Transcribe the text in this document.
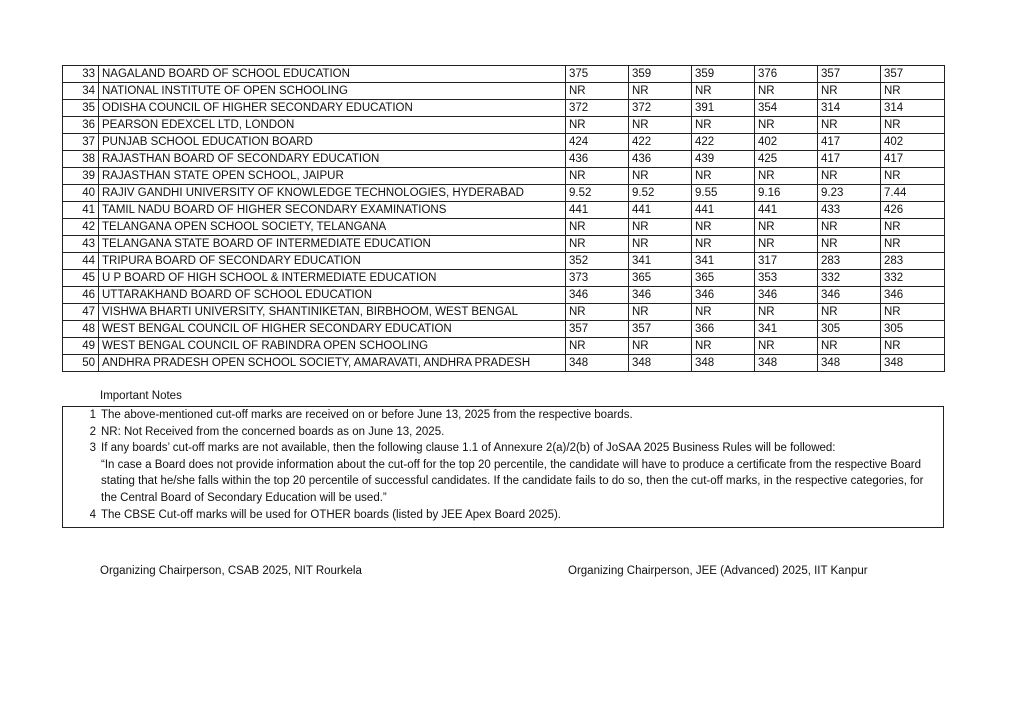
33	NAGALAND BOARD OF SCHOOL EDUCATION	375	359	359	376	357	357
34	NATIONAL INSTITUTE OF OPEN SCHOOLING	NR	NR	NR	NR	NR	NR
35	ODISHA COUNCIL OF HIGHER SECONDARY EDUCATION	372	372	391	354	314	314
36	PEARSON EDEXCEL LTD, LONDON	NR	NR	NR	NR	NR	NR
37	PUNJAB SCHOOL EDUCATION BOARD	424	422	422	402	417	402
38	RAJASTHAN BOARD OF SECONDARY EDUCATION	436	436	439	425	417	417
39	RAJASTHAN STATE OPEN SCHOOL, JAIPUR	NR	NR	NR	NR	NR	NR
40	RAJIV GANDHI UNIVERSITY OF KNOWLEDGE TECHNOLOGIES, HYDERABAD	9.52	9.52	9.55	9.16	9.23	7.44
41	TAMIL NADU BOARD OF HIGHER SECONDARY EXAMINATIONS	441	441	441	441	433	426
42	TELANGANA OPEN SCHOOL SOCIETY, TELANGANA	NR	NR	NR	NR	NR	NR
43	TELANGANA STATE BOARD OF INTERMEDIATE EDUCATION	NR	NR	NR	NR	NR	NR
44	TRIPURA BOARD OF SECONDARY EDUCATION	352	341	341	317	283	283
45	U P BOARD OF HIGH SCHOOL & INTERMEDIATE EDUCATION	373	365	365	353	332	332
46	UTTARAKHAND BOARD OF SCHOOL EDUCATION	346	346	346	346	346	346
47	VISHWA BHARTI UNIVERSITY, SHANTINIKETAN, BIRBHOOM, WEST BENGAL	NR	NR	NR	NR	NR	NR
48	WEST BENGAL COUNCIL OF HIGHER SECONDARY EDUCATION	357	357	366	341	305	305
49	WEST BENGAL COUNCIL OF RABINDRA OPEN SCHOOLING	NR	NR	NR	NR	NR	NR
50	ANDHRA PRADESH OPEN SCHOOL SOCIETY, AMARAVATI, ANDHRA PRADESH	348	348	348	348	348	348
Important Notes
1 The above-mentioned cut-off marks are received on or before June 13, 2025 from the respective boards.
2 NR: Not Received from the concerned boards as on June 13, 2025.
3 If any boards’ cut-off marks are not available, then the following clause 1.1 of Annexure 2(a)/2(b) of JoSAA 2025 Business Rules will be followed:
“In case a Board does not provide information about the cut-off for the top 20 percentile, the candidate will have to produce a certificate from the respective Board stating that he/she falls within the top 20 percentile of successful candidates. If the candidate fails to do so, then the cut-off marks, in the respective categories, for the Central Board of Secondary Education will be used.”
4 The CBSE Cut-off marks will be used for OTHER boards (listed by JEE Apex Board 2025).
Organizing Chairperson, CSAB 2025, NIT Rourkela	Organizing Chairperson, JEE (Advanced) 2025, IIT Kanpur
